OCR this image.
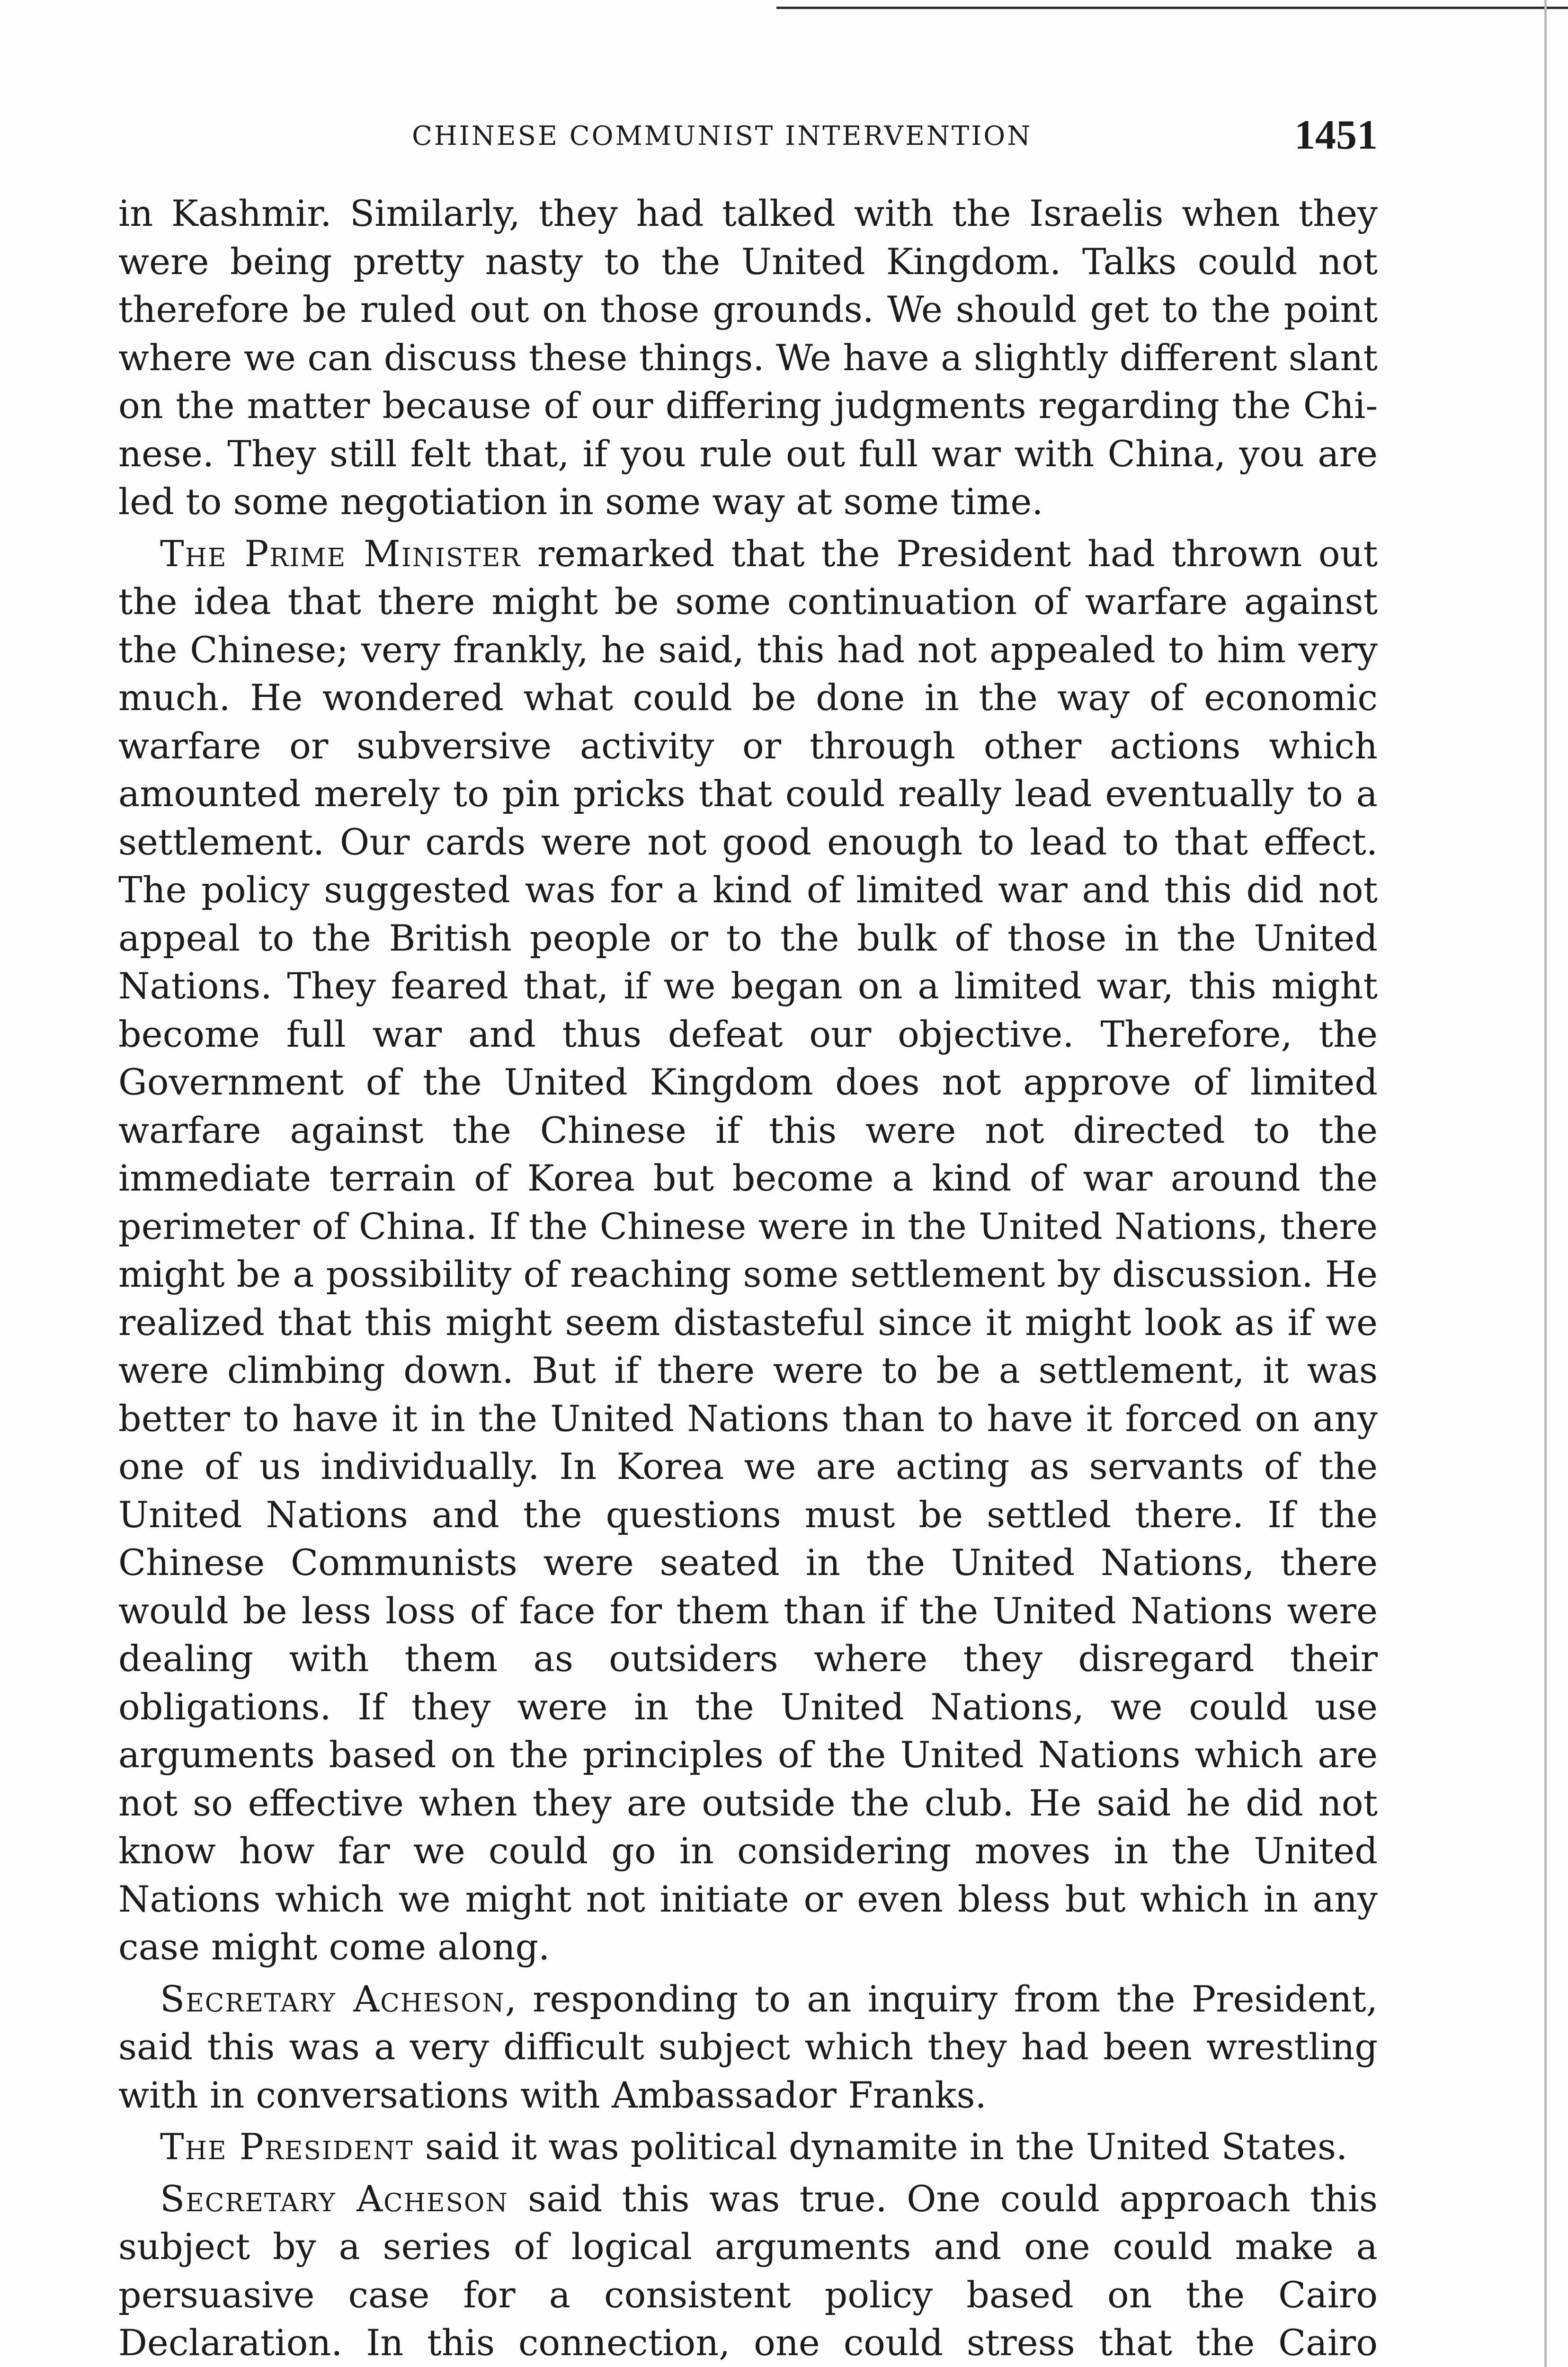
CHINESE COMMUNIST INTERVENTION	1451

in Kashmir. Similarly, they had talked with the Israelis when they were being pretty nasty to the United Kingdom. Talks could not therefore be ruled out on those grounds. We should get to the point where we can discuss these things. We have a slightly different slant on the matter because of our differing judgments regarding the Chinese. They still felt that, if you rule out full war with China, you are led to some negotiation in some way at some time.

The Prime Minister remarked that the President had thrown out the idea that there might be some continuation of warfare against the Chinese; very frankly, he said, this had not appealed to him very much. He wondered what could be done in the way of economic warfare or subversive activity or through other actions which amounted merely to pin pricks that could really lead eventually to a settlement. Our cards were not good enough to lead to that effect. The policy suggested was for a kind of limited war and this did not appeal to the British people or to the bulk of those in the United Nations. They feared that, if we began on a limited war, this might become full war and thus defeat our objective. Therefore, the Government of the United Kingdom does not approve of limited warfare against the Chinese if this were not directed to the immediate terrain of Korea but become a kind of war around the perimeter of China. If the Chinese were in the United Nations, there might be a possibility of reaching some settlement by discussion. He realized that this might seem distasteful since it might look as if we were climbing down. But if there were to be a settlement, it was better to have it in the United Nations than to have it forced on any one of us individually. In Korea we are acting as servants of the United Nations and the questions must be settled there. If the Chinese Communists were seated in the United Nations, there would be less loss of face for them than if the United Nations were dealing with them as outsiders where they disregard their obligations. If they were in the United Nations, we could use arguments based on the principles of the United Nations which are not so effective when they are outside the club. He said he did not know how far we could go in considering moves in the United Nations which we might not initiate or even bless but which in any case might come along.

Secretary Acheson, responding to an inquiry from the President, said this was a very difficult subject which they had been wrestling with in conversations with Ambassador Franks.

The President said it was political dynamite in the United States.

Secretary Acheson said this was true. One could approach this subject by a series of logical arguments and one could make a persuasive case for a consistent policy based on the Cairo Declaration. In this connection, one could stress that the Cairo
